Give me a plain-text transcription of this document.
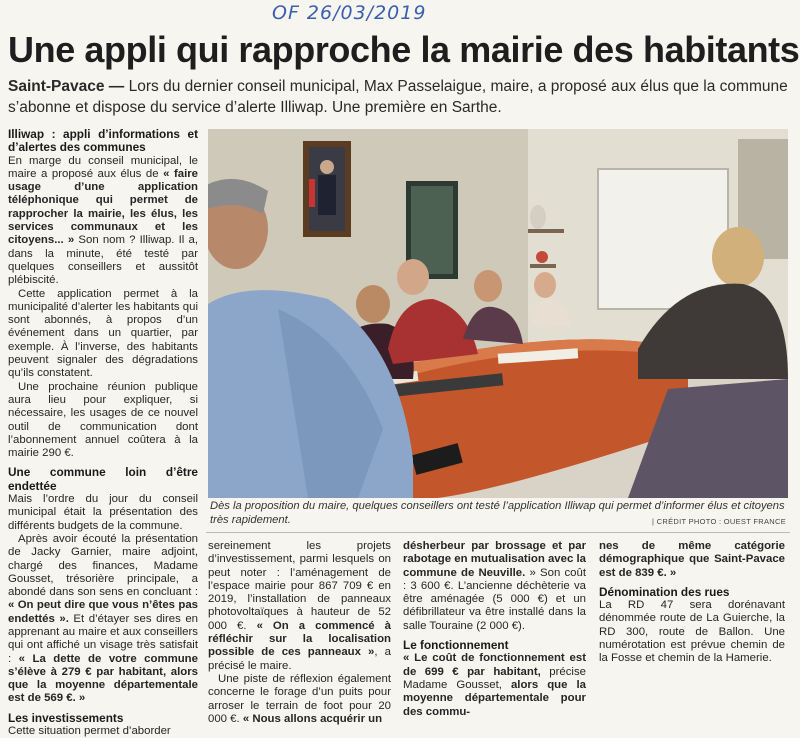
OF 26/03/2019
Une appli qui rapproche la mairie des habitants
Saint-Pavace — Lors du dernier conseil municipal, Max Passelaigue, maire, a proposé aux élus que la commune s’abonne et dispose du service d’alerte Illiwap. Une première en Sarthe.
Illiwap : appli d’informations et d’alertes des communes

En marge du conseil municipal, le maire a proposé aux élus de « faire usage d’une application téléphonique qui permet de rapprocher la mairie, les élus, les services communaux et les citoyens... » Son nom ? Illiwap. Il a, dans la minute, été testé par quelques conseillers et aussitôt plébiscité.

Cette application permet à la municipalité d’alerter les habitants qui sont abonnés, à propos d’un événement dans un quartier, par exemple. À l’inverse, des habitants peuvent signaler des dégradations qu’ils constatent.

Une prochaine réunion publique aura lieu pour expliquer, si nécessaire, les usages de ce nouvel outil de communication dont l’abonnement annuel coûtera à la mairie 290 €.

Une commune loin d’être endettée

Mais l’ordre du jour du conseil municipal était la présentation des différents budgets de la commune.

Après avoir écouté la présentation de Jacky Garnier, maire adjoint, chargé des finances, Madame Gousset, trésorière principale, a abondé dans son sens en concluant : « On peut dire que vous n’êtes pas endettés ». Et d’étayer ses dires en apprenant au maire et aux conseillers qui ont affiché un visage très satisfait : « La dette de votre commune s’élève à 279 € par habitant, alors que la moyenne départementale est de 569 €. »

Les investissements

Cette situation permet d’aborder

Dès la proposition du maire, quelques conseillers ont testé l’application Illiwap qui permet d’informer élus et citoyens très rapidement.	| CRÉDIT PHOTO : OUEST FRANCE

sereinement les projets d’investissement, parmi lesquels on peut noter : l’aménagement de l’espace mairie pour 867 709 € en 2019, l’installation de panneaux photovoltaïques à hauteur de 52 000 €. « On a commencé à réfléchir sur la localisation possible de ces panneaux », a précisé le maire.

Une piste de réflexion également concerne le forage d’un puits pour arroser le terrain de foot pour 20 000 €. « Nous allons acquérir un

désherbeur par brossage et par rabotage en mutualisation avec la commune de Neuville. » Son coût : 3 600 €. L’ancienne déchèterie va être aménagée (5 000 €) et un défibrillateur va être installé dans la salle Touraine (2 000 €).

Le fonctionnement

« Le coût de fonctionnement est de 699 € par habitant, précise Madame Gousset, alors que la moyenne départementale pour des commu-

nes de même catégorie démographique que Saint-Pavace est de 839 €. »

Dénomination des rues

La RD 47 sera dorénavant dénommée route de La Guierche, la RD 300, route de Ballon. Une numérotation est prévue chemin de la Fosse et chemin de la Hamerie.
